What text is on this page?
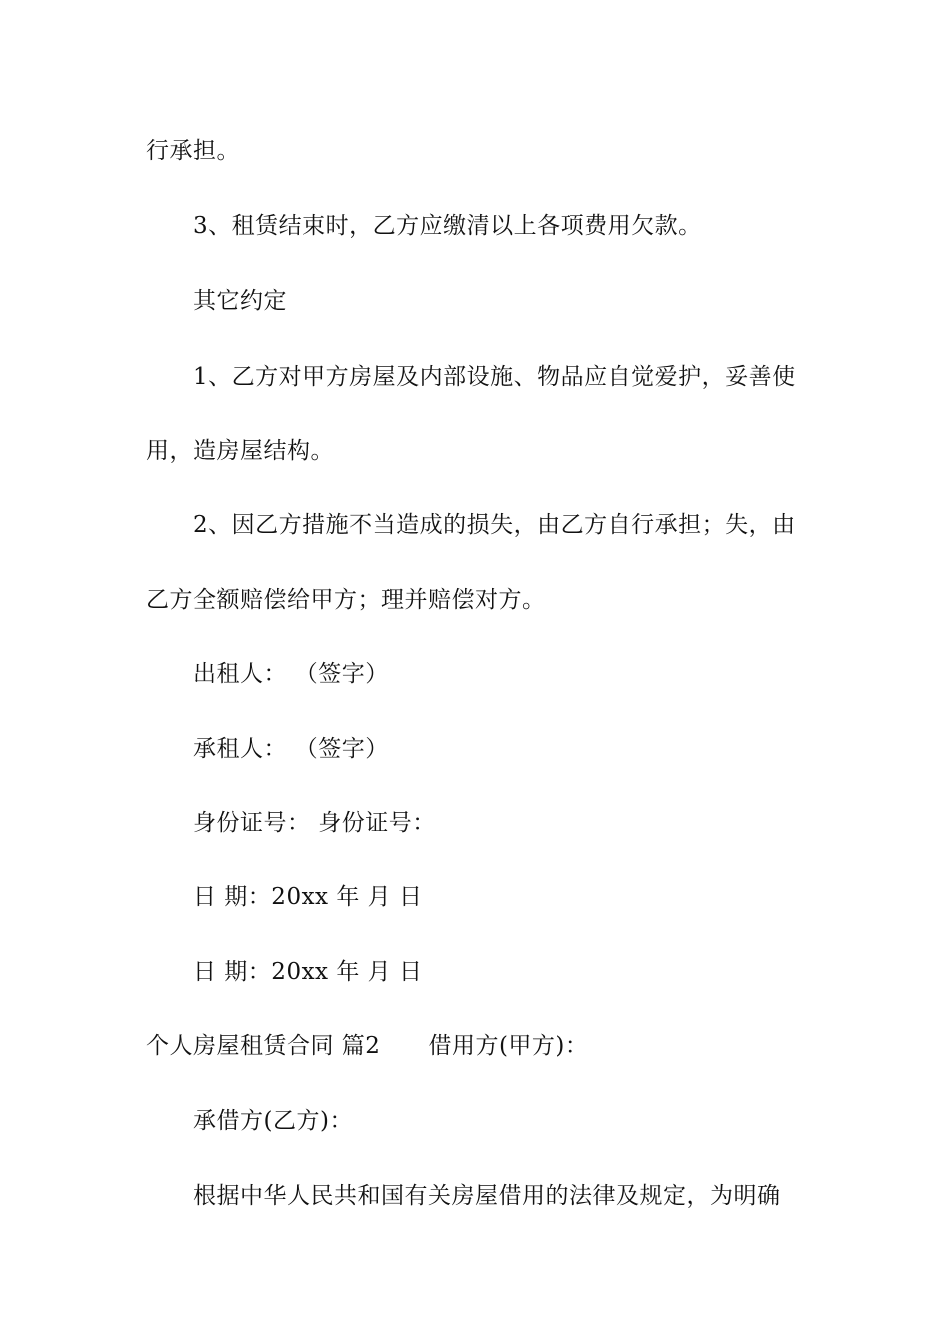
行承担。
3、租赁结束时，乙方应缴清以上各项费用欠款。
其它约定
1、乙方对甲方房屋及内部设施、物品应自觉爱护，妥善使
用，造房屋结构。
2、因乙方措施不当造成的损失，由乙方自行承担；失，由
乙方全额赔偿给甲方；理并赔偿对方。
出租人： （签字）
承租人： （签字）
身份证号： 身份证号：
日 期：20xx 年 月 日
日 期：20xx 年 月 日
个人房屋租赁合同 篇2 借用方(甲方)：
承借方(乙方)：
根据中华人民共和国有关房屋借用的法律及规定，为明确
